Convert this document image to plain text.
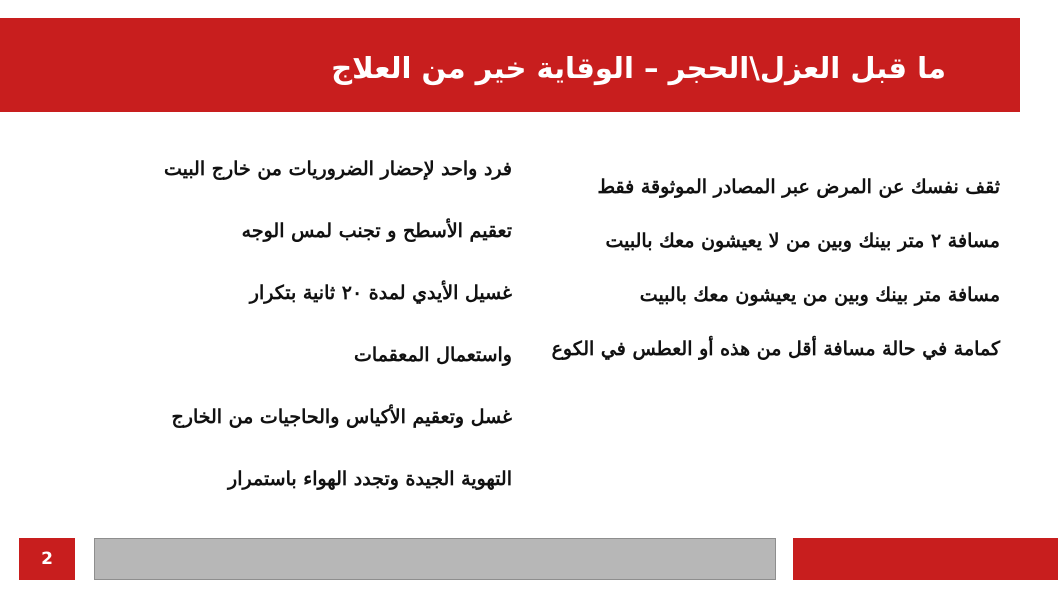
ما قبل العزل\الحجر – الوقاية خير من العلاج
ثقف نفسك عن المرض عبر المصادر الموثوقة فقط
مسافة ٢ متر بينك وبين من لا يعيشون معك بالبيت
مسافة متر بينك وبين من يعيشون معك بالبيت
كمامة في حالة مسافة أقل من هذه أو العطس في الكوع
فرد واحد لإحضار الضروريات من خارج البيت
تعقيم الأسطح و تجنب لمس الوجه
غسيل الأيدي لمدة ٢٠ ثانية بتكرار
واستعمال المعقمات
غسل وتعقيم الأكياس والحاجيات من الخارج
التهوية الجيدة وتجدد الهواء باستمرار
2
